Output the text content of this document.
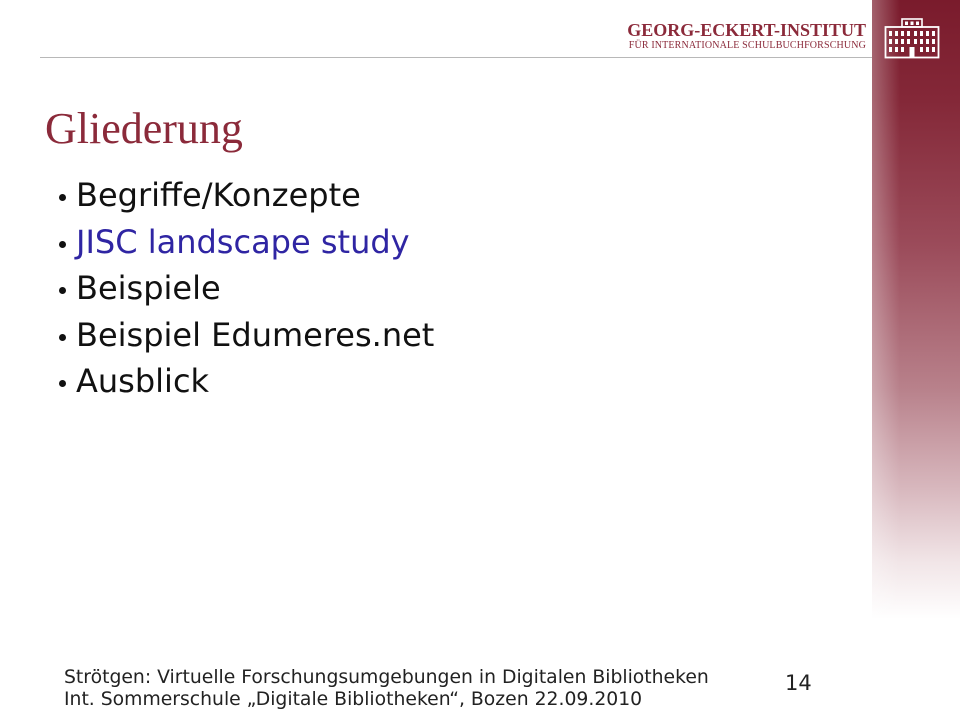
GEORG-ECKERT-INSTITUT
FÜR INTERNATIONALE SCHULBUCHFORSCHUNG
Gliederung
Begriffe/Konzepte
JISC landscape study
Beispiele
Beispiel Edumeres.net
Ausblick
Strötgen: Virtuelle Forschungsumgebungen in Digitalen Bibliotheken
Int. Sommerschule „Digitale Bibliotheken“, Bozen 22.09.2010
14
